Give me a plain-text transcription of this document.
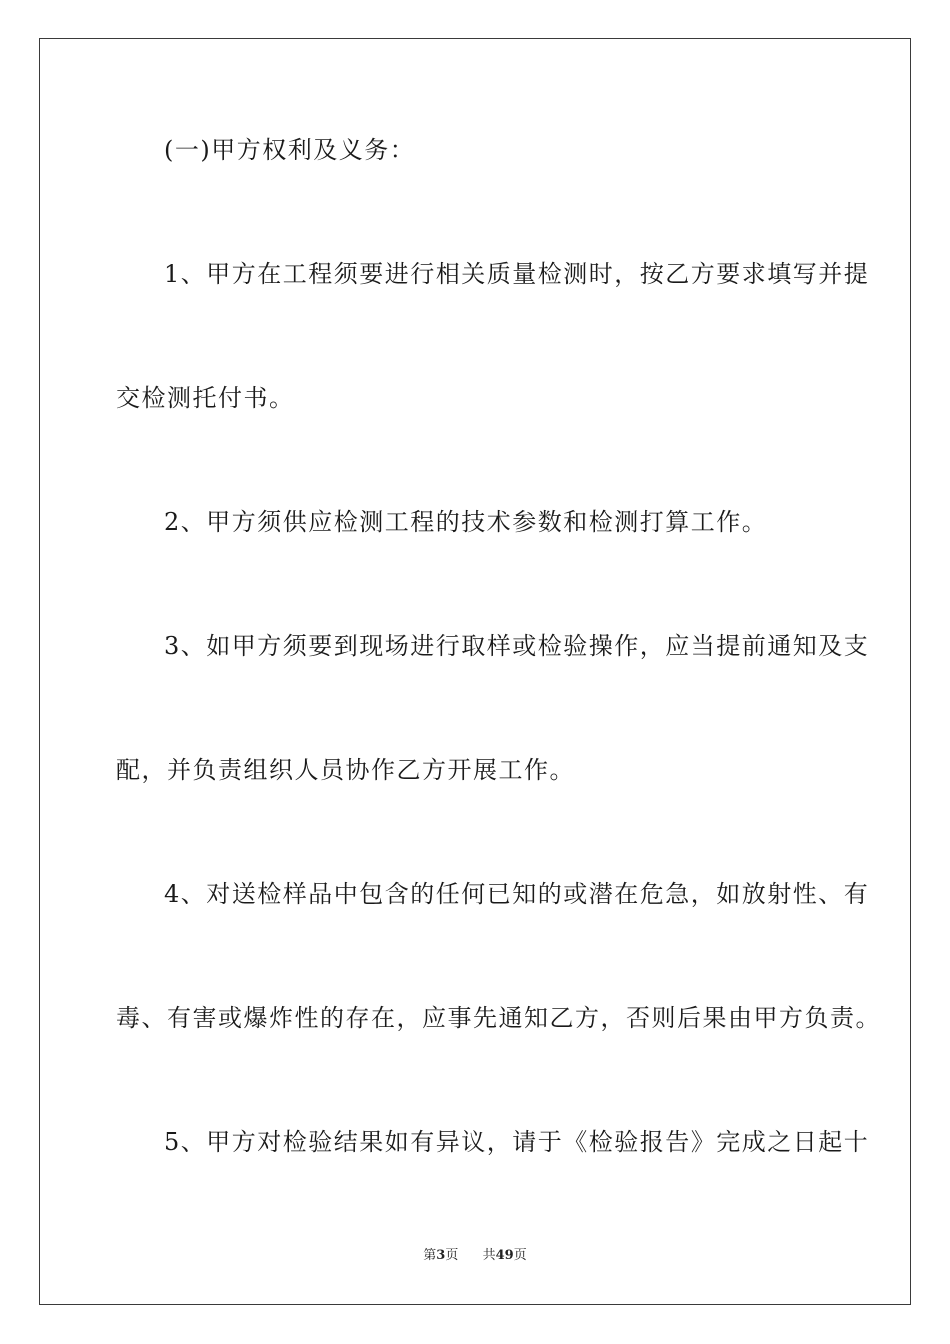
(一)甲方权利及义务：
1、甲方在工程须要进行相关质量检测时，按乙方要求填写并提
交检测托付书。
2、甲方须供应检测工程的技术参数和检测打算工作。
3、如甲方须要到现场进行取样或检验操作，应当提前通知及支
配，并负责组织人员协作乙方开展工作。
4、对送检样品中包含的任何已知的或潜在危急，如放射性、有
毒、有害或爆炸性的存在，应事先通知乙方，否则后果由甲方负责。
5、甲方对检验结果如有异议，请于《检验报告》完成之日起十
第3页 共49页
